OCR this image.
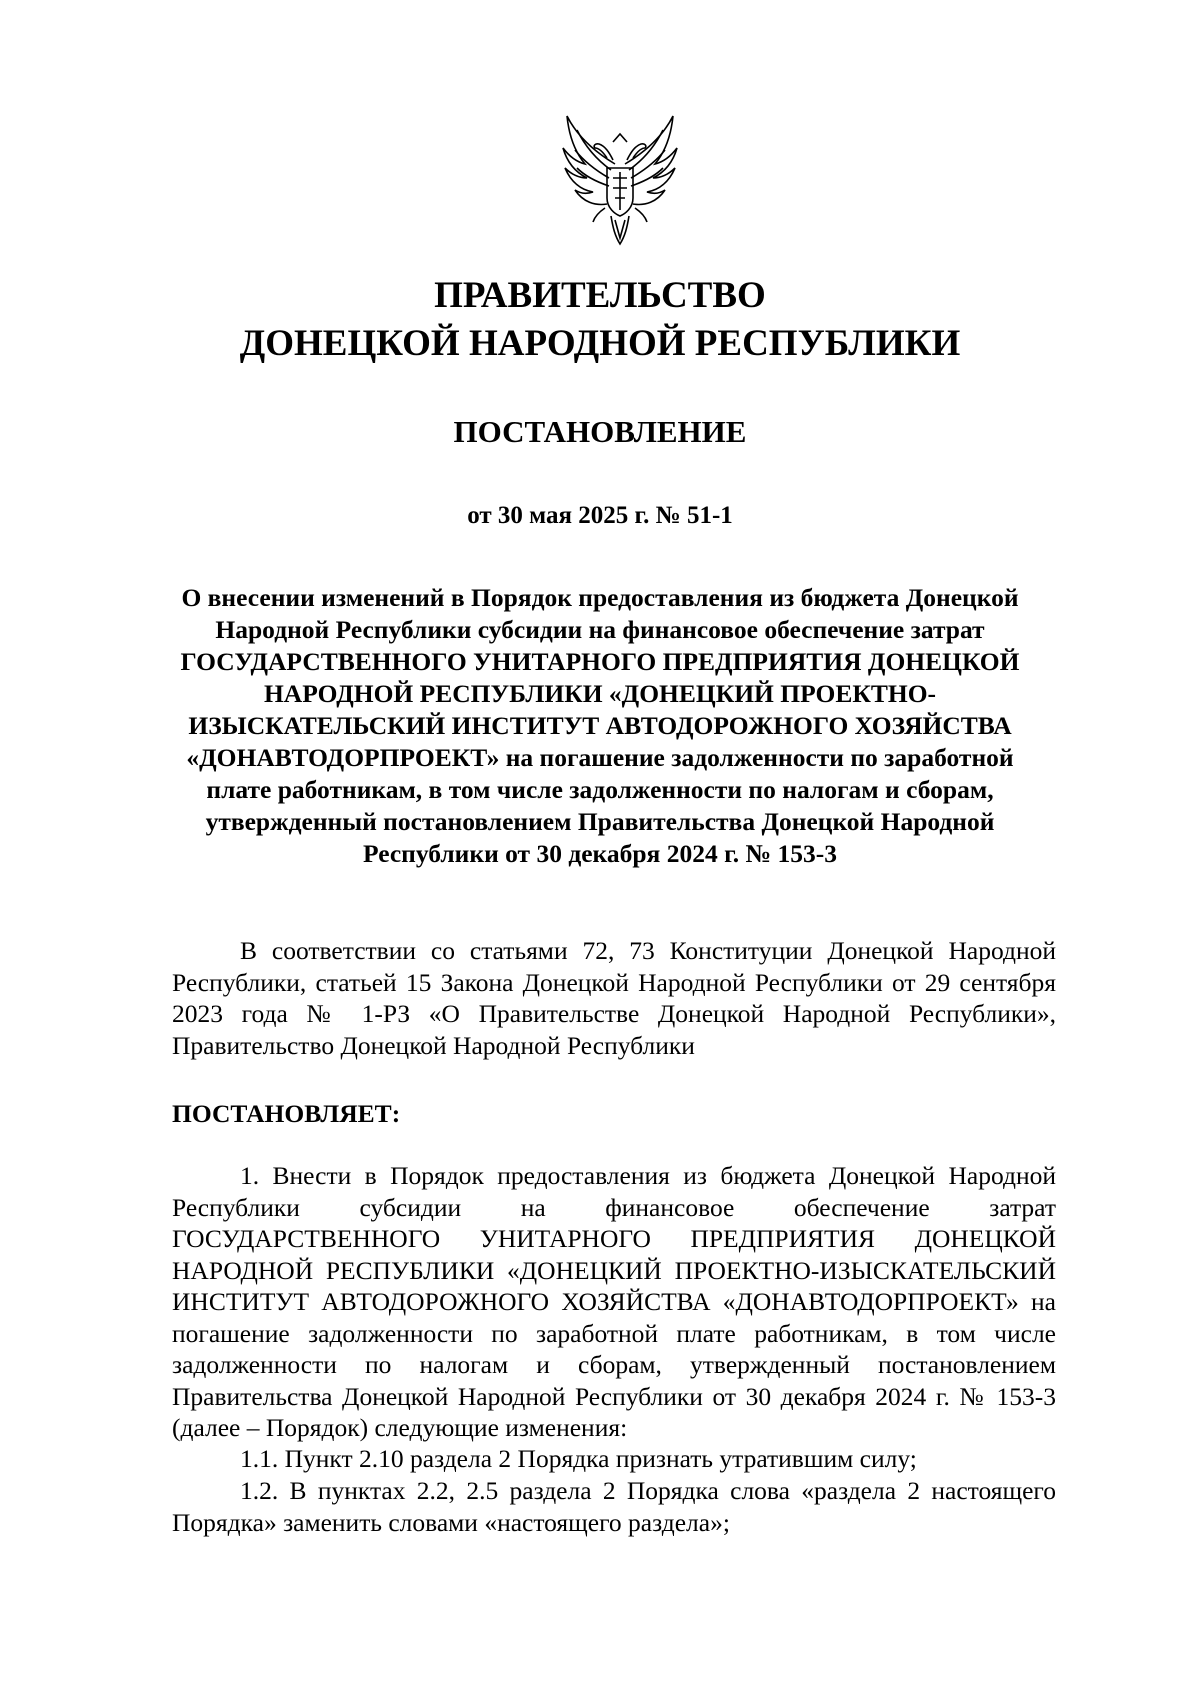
ПРАВИТЕЛЬСТВО
ДОНЕЦКОЙ НАРОДНОЙ РЕСПУБЛИКИ
ПОСТАНОВЛЕНИЕ
от 30 мая 2025 г. № 51-1
О внесении изменений в Порядок предоставления из бюджета Донецкой Народной Республики субсидии на финансовое обеспечение затрат ГОСУДАРСТВЕННОГО УНИТАРНОГО ПРЕДПРИЯТИЯ ДОНЕЦКОЙ НАРОДНОЙ РЕСПУБЛИКИ «ДОНЕЦКИЙ ПРОЕКТНО-ИЗЫСКАТЕЛЬСКИЙ ИНСТИТУТ АВТОДОРОЖНОГО ХОЗЯЙСТВА «ДОНАВТОДОРПРОЕКТ» на погашение задолженности по заработной плате работникам, в том числе задолженности по налогам и сборам, утвержденный постановлением Правительства Донецкой Народной Республики от 30 декабря 2024 г. № 153-3
В соответствии со статьями 72, 73 Конституции Донецкой Народной Республики, статьей 15 Закона Донецкой Народной Республики от 29 сентября 2023 года № 1-РЗ «О Правительстве Донецкой Народной Республики», Правительство Донецкой Народной Республики
ПОСТАНОВЛЯЕТ:
1. Внести в Порядок предоставления из бюджета Донецкой Народной Республики субсидии на финансовое обеспечение затрат ГОСУДАРСТВЕННОГО УНИТАРНОГО ПРЕДПРИЯТИЯ ДОНЕЦКОЙ НАРОДНОЙ РЕСПУБЛИКИ «ДОНЕЦКИЙ ПРОЕКТНО-ИЗЫСКАТЕЛЬСКИЙ ИНСТИТУТ АВТОДОРОЖНОГО ХОЗЯЙСТВА «ДОНАВТОДОРПРОЕКТ» на погашение задолженности по заработной плате работникам, в том числе задолженности по налогам и сборам, утвержденный постановлением Правительства Донецкой Народной Республики от 30 декабря 2024 г. № 153-3 (далее – Порядок) следующие изменения:
1.1. Пункт 2.10 раздела 2 Порядка признать утратившим силу;
1.2. В пунктах 2.2, 2.5 раздела 2 Порядка слова «раздела 2 настоящего Порядка» заменить словами «настоящего раздела»;
